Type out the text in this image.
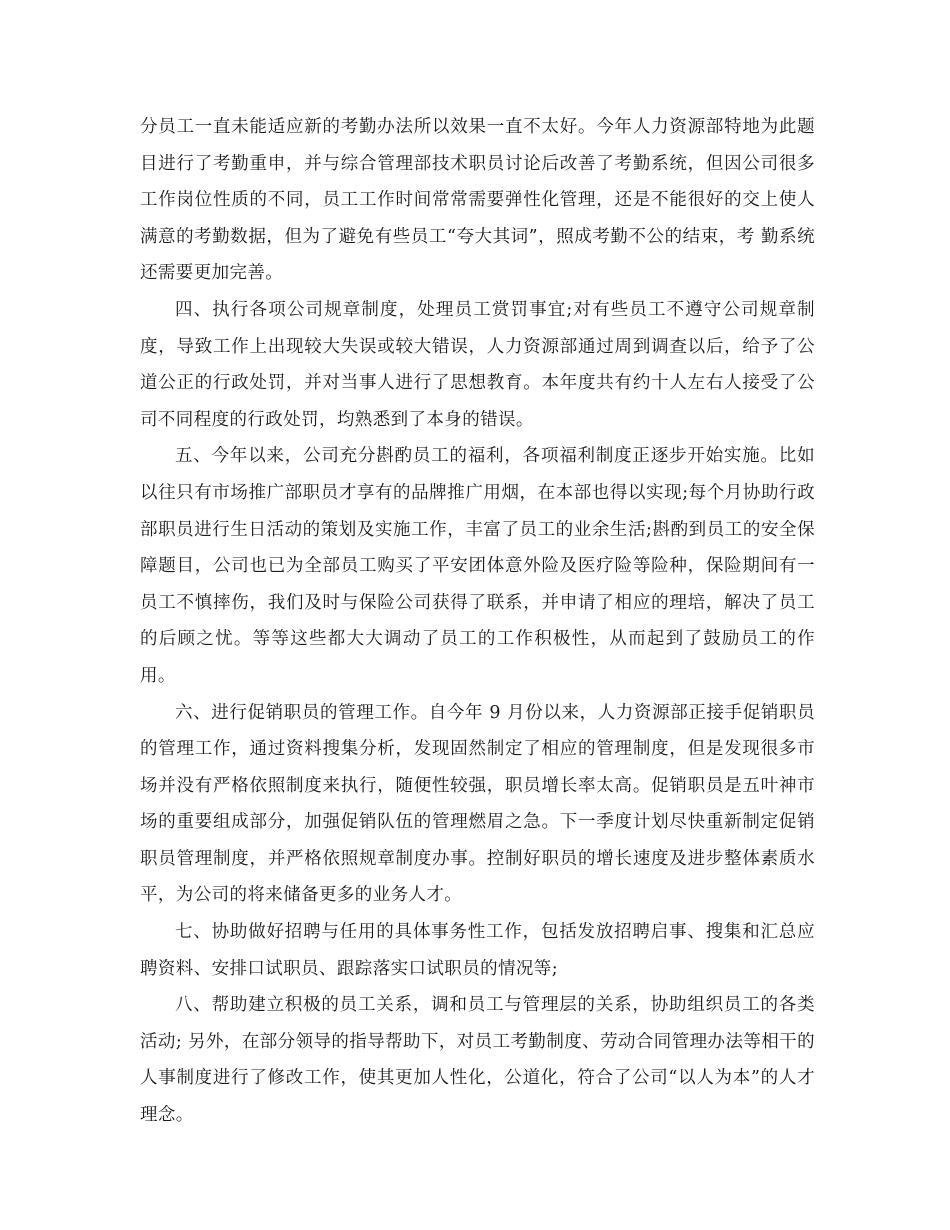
分员工一直未能适应新的考勤办法所以效果一直不太好。今年人力资源部特地为此题目进行了考勤重申，并与综合管理部技术职员讨论后改善了考勤系统，但因公司很多工作岗位性质的不同，员工工作时间常常需要弹性化管理，还是不能很好的交上使人满意的考勤数据，但为了避免有些员工“夸大其词”，照成考勤不公的结束，考 勤系统还需要更加完善。

四、执行各项公司规章制度，处理员工赏罚事宜;对有些员工不遵守公司规章制度，导致工作上出现较大失误或较大错误，人力资源部通过周到调查以后，给予了公道公正的行政处罚，并对当事人进行了思想教育。本年度共有约十人左右人接受了公司不同程度的行政处罚，均熟悉到了本身的错误。

五、今年以来，公司充分斟酌员工的福利，各项福利制度正逐步开始实施。比如以往只有市场推广部职员才享有的品牌推广用烟，在本部也得以实现;每个月协助行政部职员进行生日活动的策划及实施工作，丰富了员工的业余生活;斟酌到员工的安全保障题目，公司也已为全部员工购买了平安团体意外险及医疗险等险种，保险期间有一员工不慎摔伤，我们及时与保险公司获得了联系，并申请了相应的理培，解决了员工的后顾之忧。等等这些都大大调动了员工的工作积极性，从而起到了鼓励员工的作用。

六、进行促销职员的管理工作。自今年 9 月份以来，人力资源部正接手促销职员的管理工作，通过资料搜集分析，发现固然制定了相应的管理制度，但是发现很多市场并没有严格依照制度来执行，随便性较强，职员增长率太高。促销职员是五叶神市场的重要组成部分，加强促销队伍的管理燃眉之急。下一季度计划尽快重新制定促销职员管理制度，并严格依照规章制度办事。控制好职员的增长速度及进步整体素质水平，为公司的将来储备更多的业务人才。

七、协助做好招聘与任用的具体事务性工作，包括发放招聘启事、搜集和汇总应聘资料、安排口试职员、跟踪落实口试职员的情况等;

八、帮助建立积极的员工关系，调和员工与管理层的关系，协助组织员工的各类活动; 另外，在部分领导的指导帮助下，对员工考勤制度、劳动合同管理办法等相干的人事制度进行了修改工作，使其更加人性化，公道化，符合了公司“以人为本”的人才理念。
